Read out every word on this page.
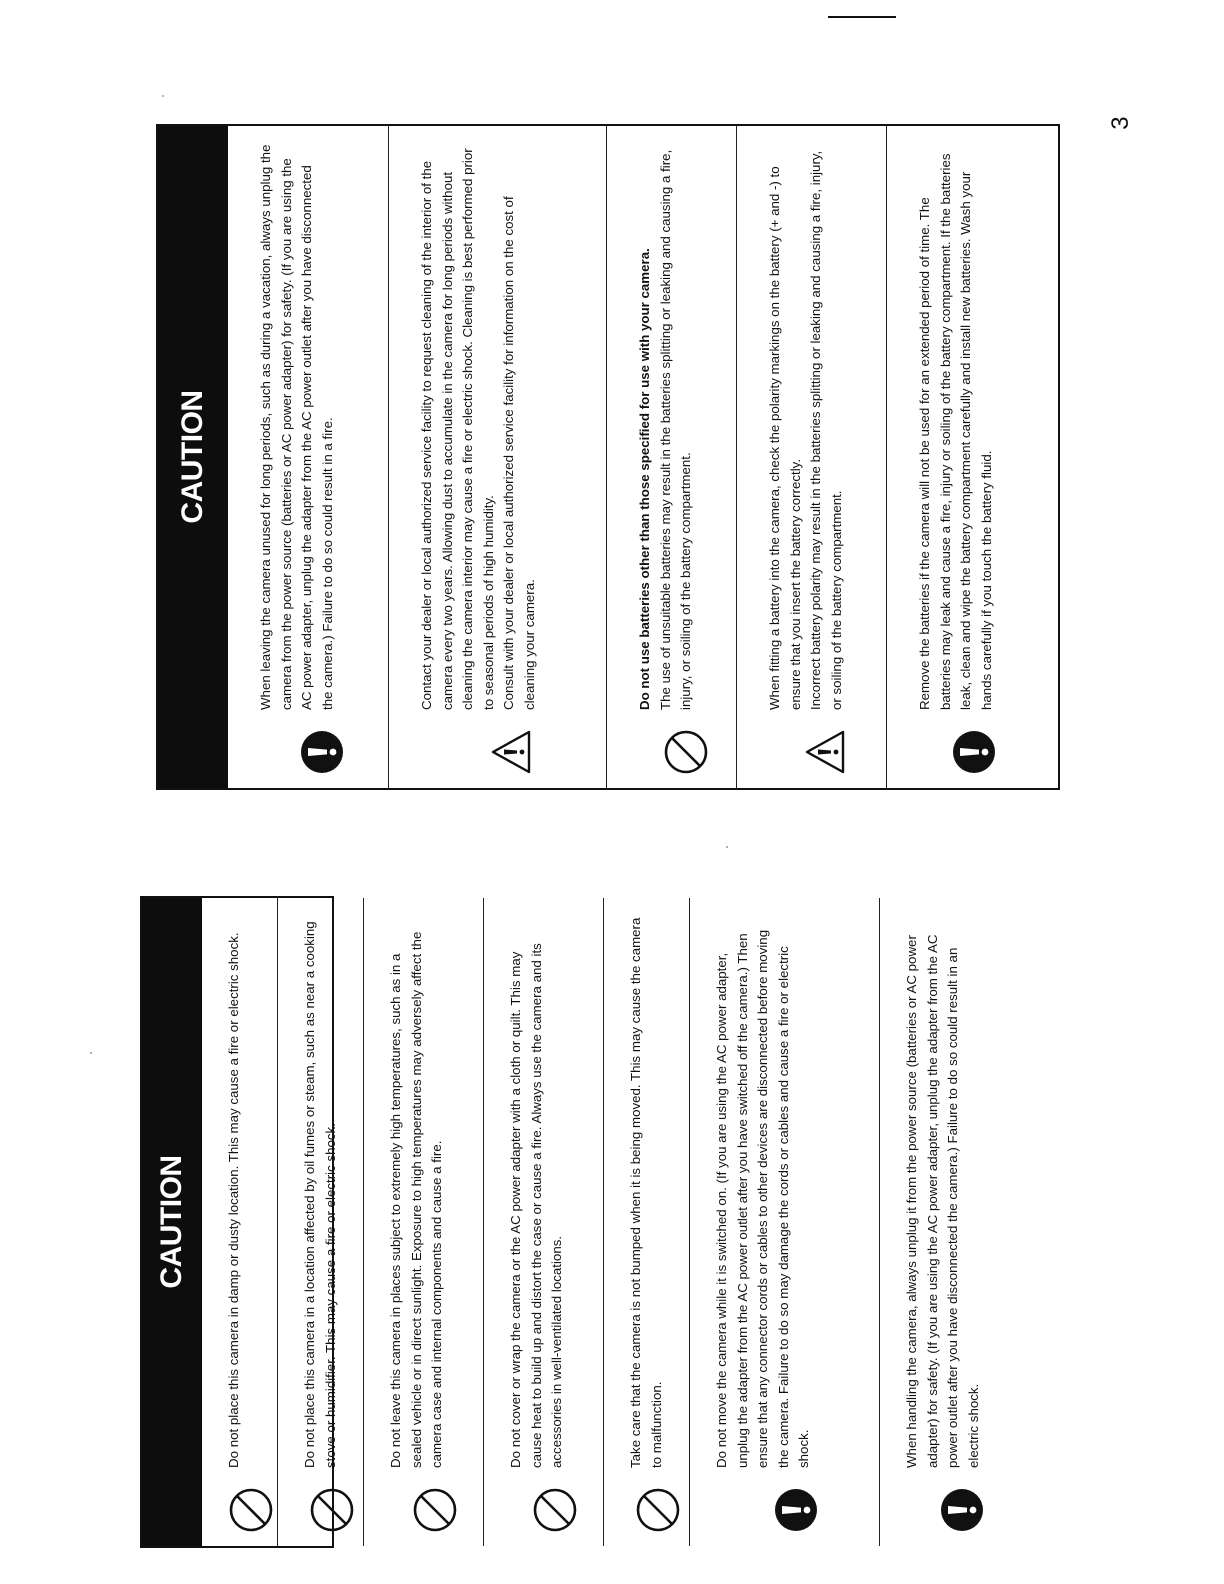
3
CAUTION	Do not place this camera in damp or dusty location. This may cause a fire or electric shock.	Do not place this camera in a location affected by oil fumes or steam, such as near a cooking stove or humidifier. This may cause a fire or electric shock.	Do not leave this camera in places subject to extremely high temperatures, such as in a sealed vehicle or in direct sunlight. Exposure to high temperatures may adversely affect the camera case and internal components and cause a fire.	Do not cover or wrap the camera or the AC power adapter with a cloth or quilt. This may cause heat to build up and distort the case or cause a fire. Always use the camera and its accessories in well-ventilated locations.	Take care that the camera is not bumped when it is being moved. This may cause the camera to malfunction.	Do not move the camera while it is switched on. (If you are using the AC power adapter, unplug the adapter from the AC power outlet after you have switched off the camera.) Then ensure that any connector cords or cables to other devices are disconnected before moving the camera. Failure to do so may damage the cords or cables and cause a fire or electric shock.	When handling the camera, always unplug it from the power source (batteries or AC power adapter) for safety. (If you are using the AC power adapter, unplug the adapter from the AC power outlet after you have disconnected the camera.) Failure to do so could result in an electric shock.

CAUTION	When leaving the camera unused for long periods, such as during a vacation, always unplug the camera from the power source (batteries or AC power adapter) for safety. (If you are using the AC power adapter, unplug the adapter from the AC power outlet after you have disconnected the camera.) Failure to do so could result in a fire.	Contact your dealer or local authorized service facility to request cleaning of the interior of the camera every two years. Allowing dust to accumulate in the camera for long periods without cleaning the camera interior may cause a fire or electric shock. Cleaning is best performed prior to seasonal periods of high humidity. Consult with your dealer or local authorized service facility for information on the cost of cleaning your camera.	Do not use batteries other than those specified for use with your camera. The use of unsuitable batteries may result in the batteries splitting or leaking and causing a fire, injury, or soiling of the battery compartment.	When fitting a battery into the camera, check the polarity markings on the battery (+ and -) to ensure that you insert the battery correctly. Incorrect battery polarity may result in the batteries splitting or leaking and causing a fire, injury, or soiling of the battery compartment.	Remove the batteries if the camera will not be used for an extended period of time. The batteries may leak and cause a fire, injury or soiling of the battery compartment. If the batteries leak, clean and wipe the battery compartment carefully and install new batteries. Wash your hands carefully if you touch the battery fluid.
